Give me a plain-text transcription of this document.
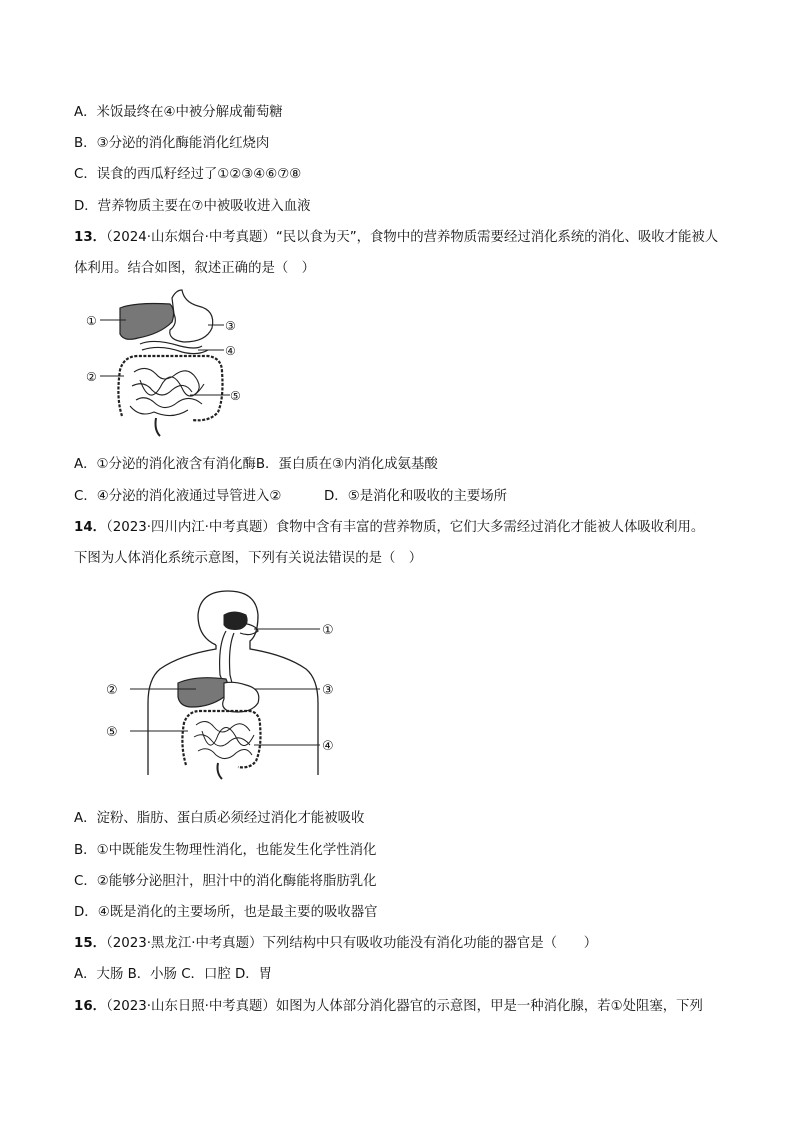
A．米饭最终在④中被分解成葡萄糖
B．③分泌的消化酶能消化红烧肉
C．误食的西瓜籽经过了①②③④⑥⑦⑧
D．营养物质主要在⑦中被吸收进入血液
13．（2024·山东烟台·中考真题）“民以食为天”，食物中的营养物质需要经过消化系统的消化、吸收才能被人
体利用。结合如图，叙述正确的是（　）
①
②
③
④
⑤
A．①分泌的消化液含有消化酶B．蛋白质在③内消化成氨基酸
C．④分泌的消化液通过导管进入②	D．⑤是消化和吸收的主要场所
14．（2023·四川内江·中考真题）食物中含有丰富的营养物质，它们大多需经过消化才能被人体吸收利用。
下图为人体消化系统示意图，下列有关说法错误的是（　）
①
②	③
⑤
④
A．淀粉、脂肪、蛋白质必须经过消化才能被吸收
B．①中既能发生物理性消化，也能发生化学性消化
C．②能够分泌胆汁，胆汁中的消化酶能将脂肪乳化
D．④既是消化的主要场所，也是最主要的吸收器官
15．（2023·黑龙江·中考真题）下列结构中只有吸收功能没有消化功能的器官是（　　）
A．大肠 B．小肠 C．口腔 D．胃
16．（2023·山东日照·中考真题）如图为人体部分消化器官的示意图，甲是一种消化腺，若①处阻塞，下列
